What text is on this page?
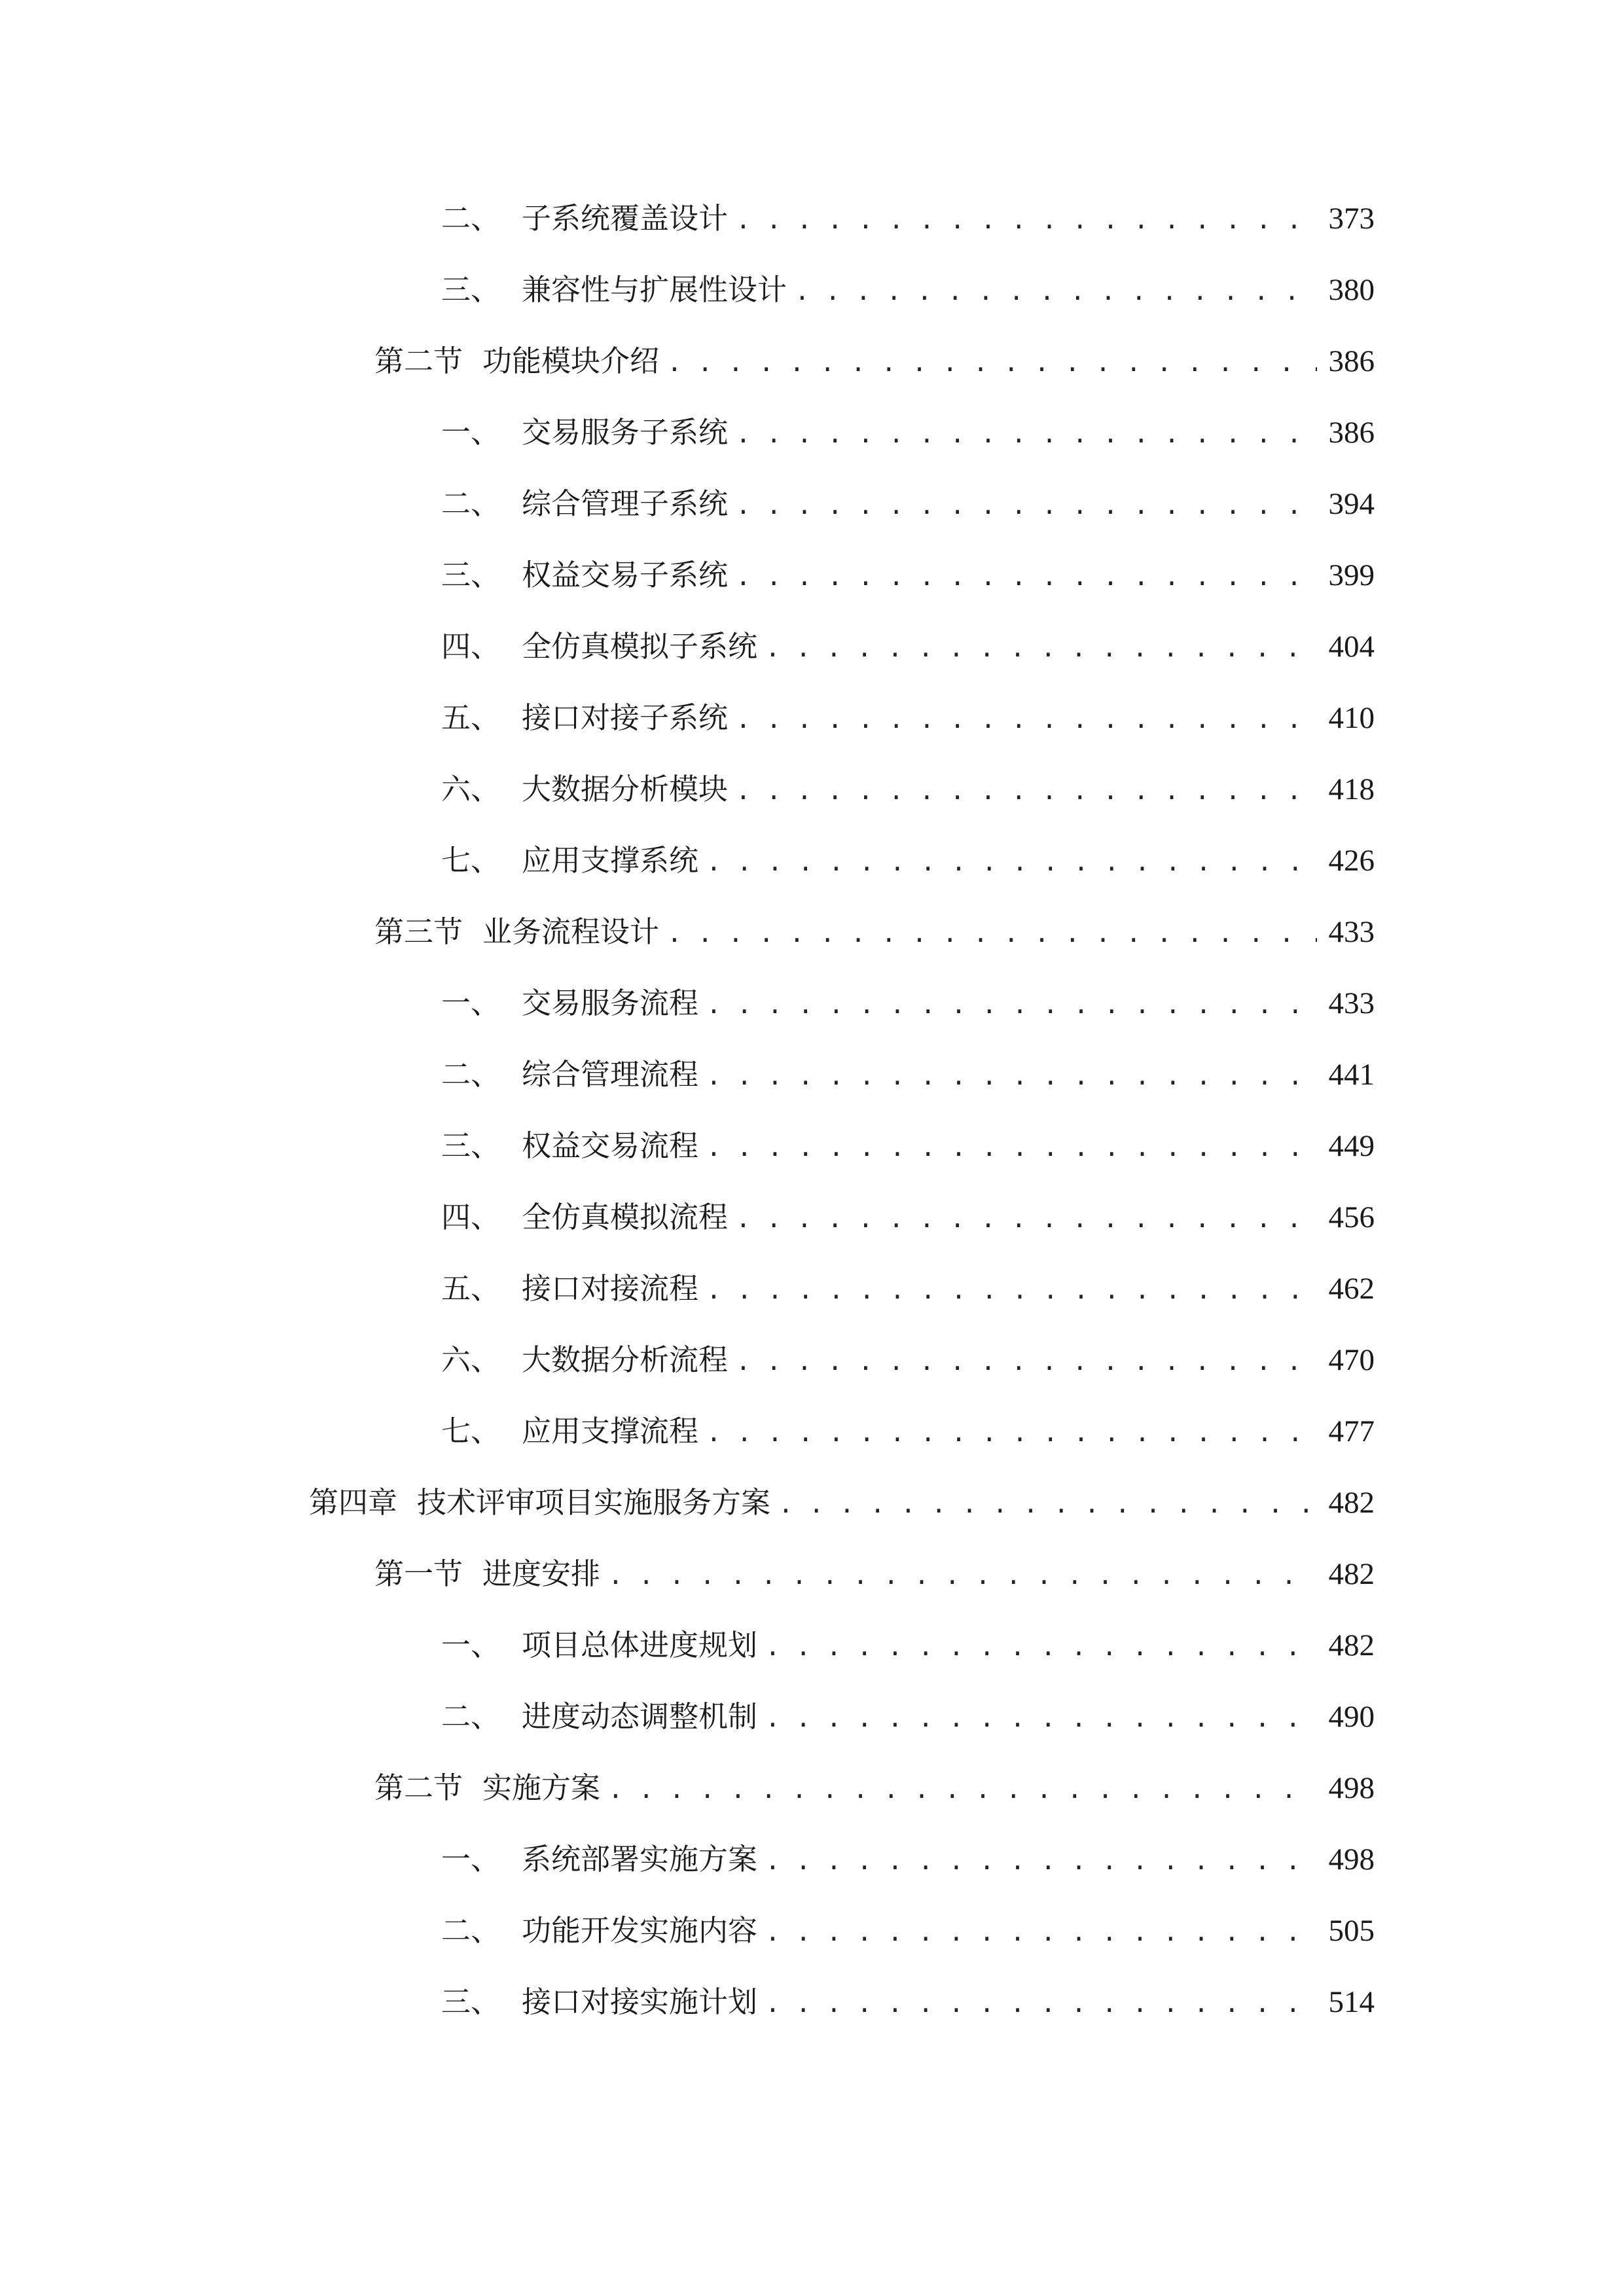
二、 子系统覆盖设计 . . .	373
三、 兼容性与扩展性设计 . . .	380
第二节 功能模块介绍 . . .	386
一、 交易服务子系统 . . .	386
二、 综合管理子系统 . . .	394
三、 权益交易子系统 . . .	399
四、 全仿真模拟子系统 . . .	404
五、 接口对接子系统 . . .	410
六、 大数据分析模块 . . .	418
七、 应用支撑系统 . . .	426
第三节 业务流程设计 . . .	433
一、 交易服务流程 . . .	433
二、 综合管理流程 . . .	441
三、 权益交易流程 . . .	449
四、 全仿真模拟流程 . . .	456
五、 接口对接流程 . . .	462
六、 大数据分析流程 . . .	470
七、 应用支撑流程 . . .	477
第四章 技术评审项目实施服务方案 . . .	482
第一节 进度安排 . . .	482
一、 项目总体进度规划 . . .	482
二、 进度动态调整机制 . . .	490
第二节 实施方案 . . .	498
一、 系统部署实施方案 . . .	498
二、 功能开发实施内容 . . .	505
三、 接口对接实施计划 . . .	514
